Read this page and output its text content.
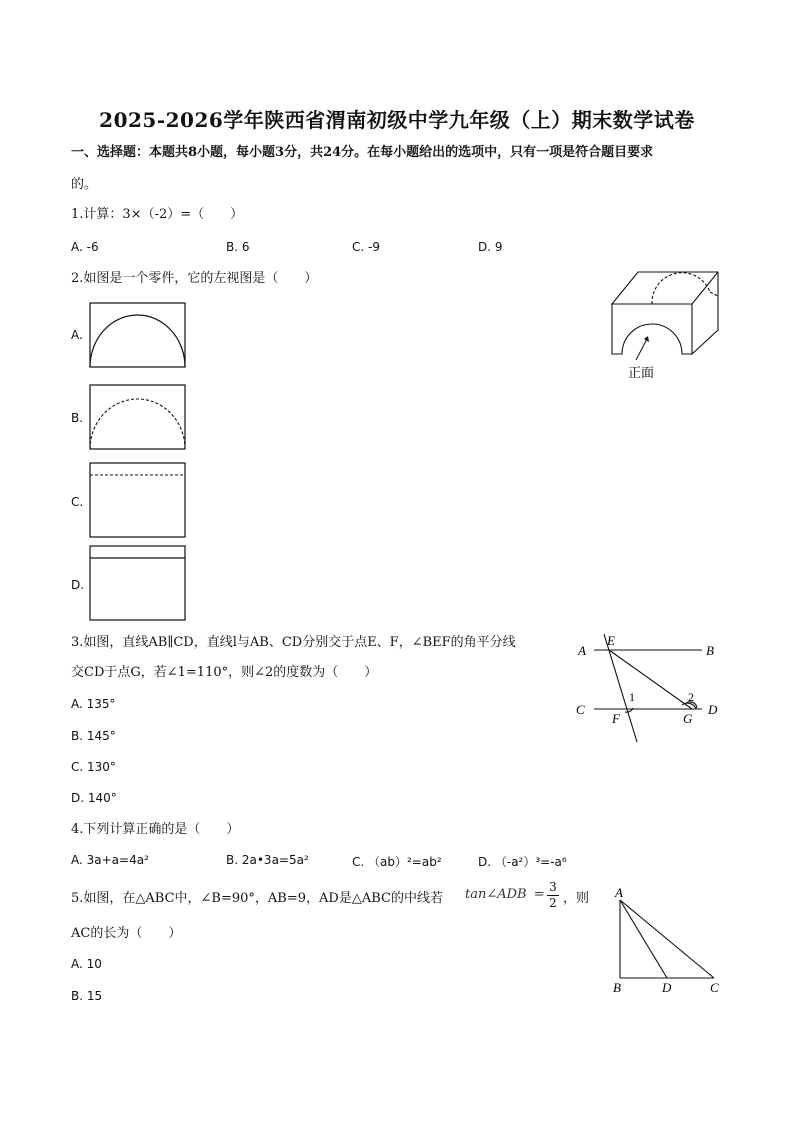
2025-2026学年陕西省渭南初级中学九年级（上）期末数学试卷
一、选择题：本题共8小题，每小题3分，共24分。在每小题给出的选项中，只有一项是符合题目要求
的。
1.计算：3×（-2）=（　　）
A. -6	B. 6	C. -9	D. 9
2.如图是一个零件，它的左视图是（　　）
正面
A.
B.
C.
D.
3.如图，直线AB∥CD，直线l与AB、CD分别交于点E、F，∠BEF的角平分线
交CD于点G，若∠1=110°，则∠2的度数为（　　）
A. 135°
B. 145°
C. 130°
D. 140°
A	B
C	D
E
F	G
1	2
4.下列计算正确的是（　　）
A. 3a+a=4a²	B. 2a•3a=5a²	C. （ab）²=ab²	D. （-a²）³=-a⁶
5.如图，在△ABC中，∠B=90°，AB=9，AD是△ABC的中线若 tan∠ADB = 3
2 ，则
AC的长为（　　）
A. 10
B. 15
A
B	D	C
